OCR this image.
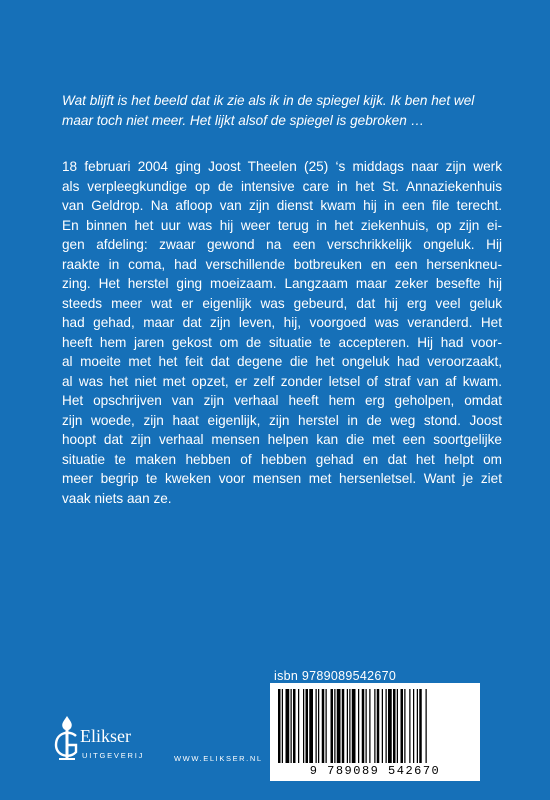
Wat blijft is het beeld dat ik zie als ik in de spiegel kijk. Ik ben het wel maar toch niet meer. Het lijkt alsof de spiegel is gebroken …

18 februari 2004 ging Joost Theelen (25) ‘s middags naar zijn werk
als verpleegkundige op de intensive care in het St. Annaziekenhuis
van Geldrop. Na afloop van zijn dienst kwam hij in een file terecht.
En binnen het uur was hij weer terug in het ziekenhuis, op zijn ei-
gen afdeling: zwaar gewond na een verschrikkelijk ongeluk. Hij
raakte in coma, had verschillende botbreuken en een hersenkneu-
zing. Het herstel ging moeizaam. Langzaam maar zeker besefte hij
steeds meer wat er eigenlijk was gebeurd, dat hij erg veel geluk
had gehad, maar dat zijn leven, hij, voorgoed was veranderd. Het
heeft hem jaren gekost om de situatie te accepteren. Hij had voor-
al moeite met het feit dat degene die het ongeluk had veroorzaakt,
al was het niet met opzet, er zelf zonder letsel of straf van af kwam.
Het opschrijven van zijn verhaal heeft hem erg geholpen, omdat
zijn woede, zijn haat eigenlijk, zijn herstel in de weg stond. Joost
hoopt dat zijn verhaal mensen helpen kan die met een soortgelijke
situatie te maken hebben of hebben gehad en dat het helpt om
meer begrip te kweken voor mensen met hersenletsel. Want je ziet
vaak niets aan ze.
Elikser
UITGEVERIJ	WWW.ELIKSER.NL
isbn 9789089542670
9 789089 542670
